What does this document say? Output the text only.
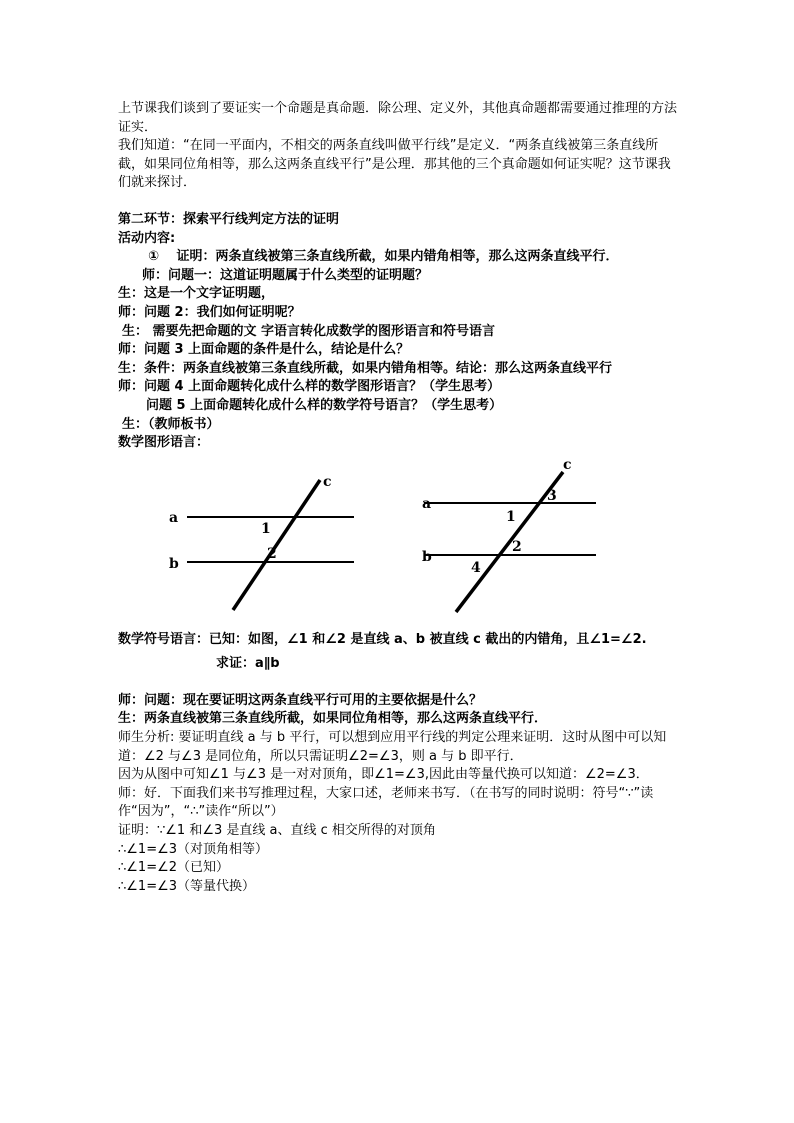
上节课我们谈到了要证实一个命题是真命题．除公理、定义外，其他真命题都需要通过推理的方法证实．

我们知道：“在同一平面内，不相交的两条直线叫做平行线”是定义．“两条直线被第三条直线所截，如果同位角相等，那么这两条直线平行”是公理．那其他的三个真命题如何证实呢？这节课我们就来探讨．

第二环节：探索平行线判定方法的证明

活动内容:

①　 证明：两条直线被第三条直线所截，如果内错角相等，那么这两条直线平行．

师：问题一：这道证明题属于什么类型的证明题？

生：这是一个文字证明题，

师：问题 2：我们如何证明呢？

生： 需要先把命题的文 字语言转化成数学的图形语言和符号语言

师：问题 3 上面命题的条件是什么，结论是什么？

生：条件：两条直线被第三条直线所截，如果内错角相等。结论：那么这两条直线平行

师：问题 4 上面命题转化成什么样的数学图形语言？（学生思考）

问题 5 上面命题转化成什么样的数学符号语言？（学生思考）

生：（教师板书）

数学图形语言：

a
b
c
1
2
a
b
c
1
2
3
4

数学符号语言：已知：如图，∠1 和∠2 是直线 a、b 被直线 c 截出的内错角，且∠1=∠2.

求证：a∥b

师：问题：现在要证明这两条直线平行可用的主要依据是什么？

生：两条直线被第三条直线所截，如果同位角相等，那么这两条直线平行．

师生分析: 要证明直线 a 与 b 平行，可以想到应用平行线的判定公理来证明．这时从图中可以知道：∠2 与∠3 是同位角，所以只需证明∠2=∠3，则 a 与 b 即平行．

因为从图中可知∠1 与∠3 是一对对顶角，即∠1=∠3,因此由等量代换可以知道：∠2=∠3．

师：好．下面我们来书写推理过程，大家口述，老师来书写．（在书写的同时说明：符号“∵”读作“因为”，“∴”读作“所以”）

证明：∵∠1 和∠3 是直线 a、直线 c 相交所得的对顶角

∴∠1=∠3（对顶角相等）

∴∠1=∠2（已知）

∴∠1=∠3（等量代换）
